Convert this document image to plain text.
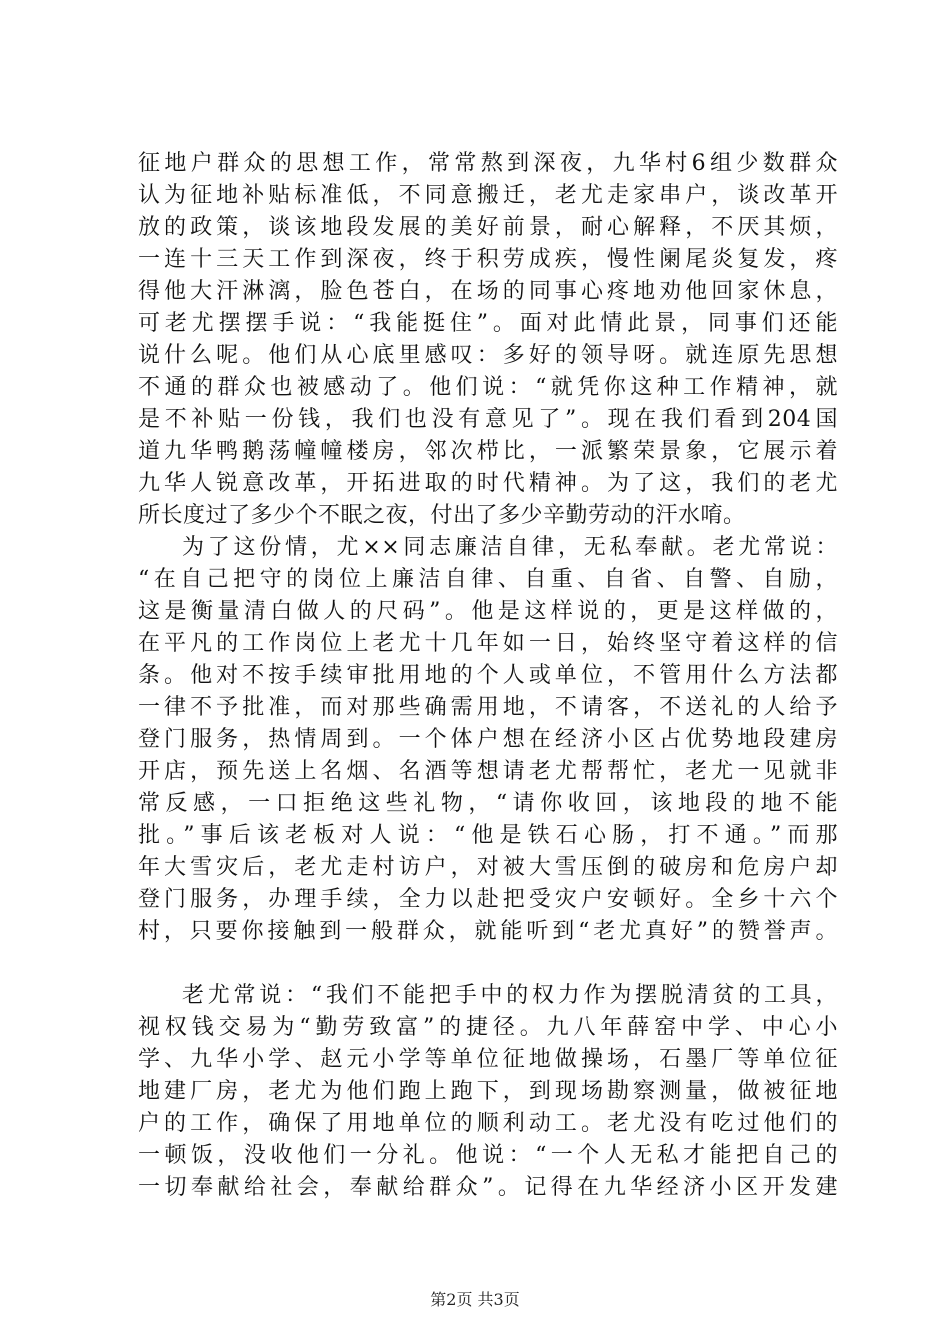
征地户群众的思想工作，常常熬到深夜，九华村6组少数群众
认为征地补贴标准低，不同意搬迁，老尤走家串户，谈改革开
放的政策，谈该地段发展的美好前景，耐心解释，不厌其烦，
一连十三天工作到深夜，终于积劳成疾，慢性阑尾炎复发，疼
得他大汗淋漓，脸色苍白，在场的同事心疼地劝他回家休息，
可老尤摆摆手说：“我能挺住”。面对此情此景，同事们还能
说什么呢。他们从心底里感叹：多好的领导呀。就连原先思想
不通的群众也被感动了。他们说：“就凭你这种工作精神，就
是不补贴一份钱，我们也没有意见了”。现在我们看到204国
道九华鸭鹅荡幢幢楼房，邻次栉比，一派繁荣景象，它展示着
九华人锐意改革，开拓进取的时代精神。为了这，我们的老尤
所长度过了多少个不眠之夜，付出了多少辛勤劳动的汗水唷。
为了这份情，尤××同志廉洁自律，无私奉献。老尤常说：
“在自己把守的岗位上廉洁自律、自重、自省、自警、自励，
这是衡量清白做人的尺码”。他是这样说的，更是这样做的，
在平凡的工作岗位上老尤十几年如一日，始终坚守着这样的信
条。他对不按手续审批用地的个人或单位，不管用什么方法都
一律不予批准，而对那些确需用地，不请客，不送礼的人给予
登门服务，热情周到。一个体户想在经济小区占优势地段建房
开店，预先送上名烟、名酒等想请老尤帮帮忙，老尤一见就非
常反感，一口拒绝这些礼物，“请你收回，该地段的地不能
批。”事后该老板对人说：“他是铁石心肠，打不通。”而那
年大雪灾后，老尤走村访户，对被大雪压倒的破房和危房户却
登门服务，办理手续，全力以赴把受灾户安顿好。全乡十六个
村，只要你接触到一般群众，就能听到“老尤真好”的赞誉声。
老尤常说：“我们不能把手中的权力作为摆脱清贫的工具，
视权钱交易为“勤劳致富”的捷径。九八年薛窑中学、中心小
学、九华小学、赵元小学等单位征地做操场，石墨厂等单位征
地建厂房，老尤为他们跑上跑下，到现场勘察测量，做被征地
户的工作，确保了用地单位的顺利动工。老尤没有吃过他们的
一顿饭，没收他们一分礼。他说：“一个人无私才能把自己的
一切奉献给社会，奉献给群众”。记得在九华经济小区开发建
第2页 共3页
